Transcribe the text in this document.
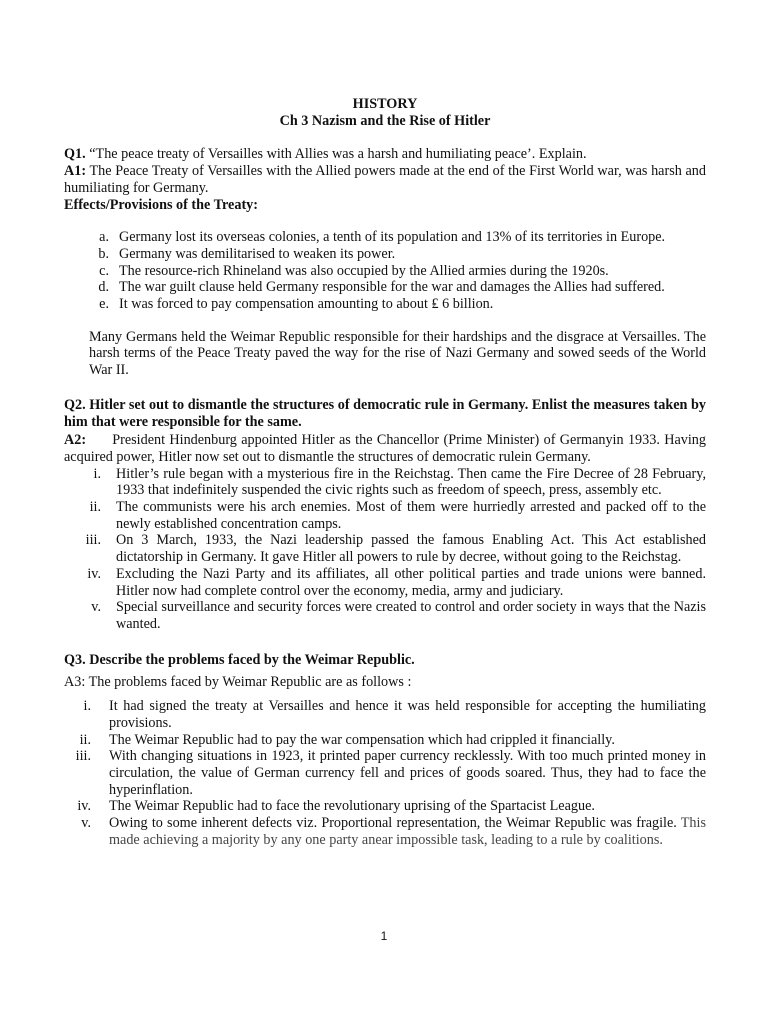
HISTORY
Ch 3 Nazism and the Rise of Hitler

Q1. “The peace treaty of Versailles with Allies was a harsh and humiliating peace’. Explain.

A1: The Peace Treaty of Versailles with the Allied powers made at the end of the First World war, was harsh and humiliating for Germany.

Effects/Provisions of the Treaty:

a. Germany lost its overseas colonies, a tenth of its population and 13% of its territories in Europe.
b. Germany was demilitarised to weaken its power.
c. The resource-rich Rhineland was also occupied by the Allied armies during the 1920s.
d. The war guilt clause held Germany responsible for the war and damages the Allies had suffered.
e. It was forced to pay compensation amounting to about ₤ 6 billion.

Many Germans held the Weimar Republic responsible for their hardships and the disgrace at Versailles. The harsh terms of the Peace Treaty paved the way for the rise of Nazi Germany and sowed seeds of the World War II.

Q2. Hitler set out to dismantle the structures of democratic rule in Germany. Enlist the measures taken by him that were responsible for the same.

A2: President Hindenburg appointed Hitler as the Chancellor (Prime Minister) of Germanyin 1933. Having acquired power, Hitler now set out to dismantle the structures of democratic rulein Germany.

i.	Hitler’s rule began with a mysterious fire in the Reichstag. Then came the Fire Decree of 28 February, 1933 that indefinitely suspended the civic rights such as freedom of speech, press, assembly etc.
ii.	The communists were his arch enemies. Most of them were hurriedly arrested and packed off to the newly established concentration camps.
iii.	On 3 March, 1933, the Nazi leadership passed the famous Enabling Act. This Act established dictatorship in Germany. It gave Hitler all powers to rule by decree, without going to the Reichstag.
iv.	Excluding the Nazi Party and its affiliates, all other political parties and trade unions were banned. Hitler now had complete control over the economy, media, army and judiciary.
v.	Special surveillance and security forces were created to control and order society in ways that the Nazis wanted.

Q3. Describe the problems faced by the Weimar Republic.

A3: The problems faced by Weimar Republic are as follows :

i.	It had signed the treaty at Versailles and hence it was held responsible for accepting the humiliating provisions.
ii.	The Weimar Republic had to pay the war compensation which had crippled it financially.
iii.	With changing situations in 1923, it printed paper currency recklessly. With too much printed money in circulation, the value of German currency fell and prices of goods soared. Thus, they had to face the hyperinflation.
iv.	The Weimar Republic had to face the revolutionary uprising of the Spartacist League.
v.	Owing to some inherent defects viz. Proportional representation, the Weimar Republic was fragile. This made achieving a majority by any one party anear impossible task, leading to a rule by coalitions.
1
